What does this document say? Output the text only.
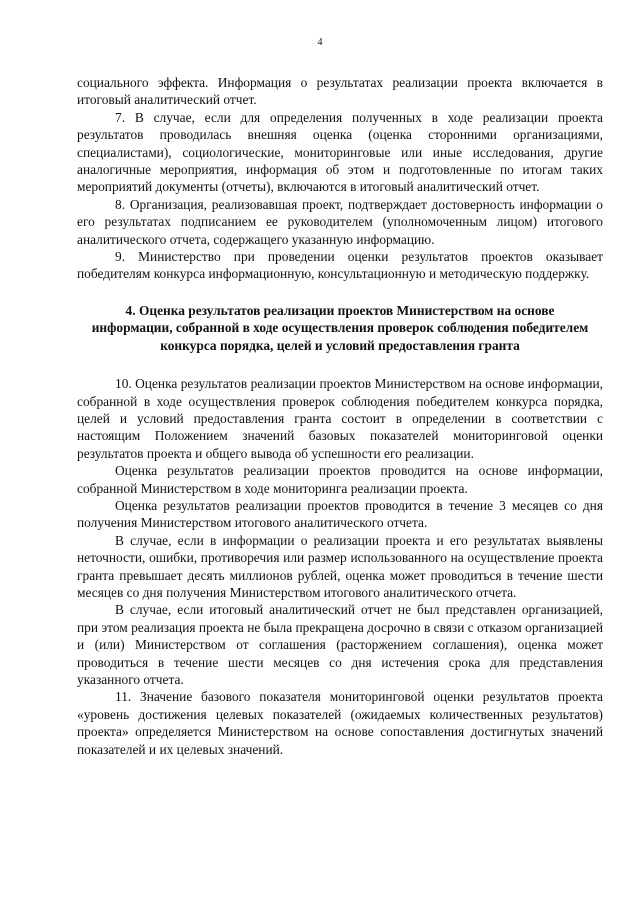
4

социального эффекта. Информация о результатах реализации проекта включается в итоговый аналитический отчет.

7. В случае, если для определения полученных в ходе реализации проекта результатов проводилась внешняя оценка (оценка сторонними организациями, специалистами), социологические, мониторинговые или иные исследования, другие аналогичные мероприятия, информация об этом и подготовленные по итогам таких мероприятий документы (отчеты), включаются в итоговый аналитический отчет.

8. Организация, реализовавшая проект, подтверждает достоверность информации о его результатах подписанием ее руководителем (уполномоченным лицом) итогового аналитического отчета, содержащего указанную информацию.

9. Министерство при проведении оценки результатов проектов оказывает победителям конкурса информационную, консультационную и методическую поддержку.

4. Оценка результатов реализации проектов Министерством на основе информации, собранной в ходе осуществления проверок соблюдения победителем конкурса порядка, целей и условий предоставления гранта

10. Оценка результатов реализации проектов Министерством на основе информации, собранной в ходе осуществления проверок соблюдения победителем конкурса порядка, целей и условий предоставления гранта состоит в определении в соответствии с настоящим Положением значений базовых показателей мониторинговой оценки результатов проекта и общего вывода об успешности его реализации.

Оценка результатов реализации проектов проводится на основе информации, собранной Министерством в ходе мониторинга реализации проекта.

Оценка результатов реализации проектов проводится в течение 3 месяцев со дня получения Министерством итогового аналитического отчета.

В случае, если в информации о реализации проекта и его результатах выявлены неточности, ошибки, противоречия или размер использованного на осуществление проекта гранта превышает десять миллионов рублей, оценка может проводиться в течение шести месяцев со дня получения Министерством итогового аналитического отчета.

В случае, если итоговый аналитический отчет не был представлен организацией, при этом реализация проекта не была прекращена досрочно в связи с отказом организацией и (или) Министерством от соглашения (расторжением соглашения), оценка может проводиться в течение шести месяцев со дня истечения срока для представления указанного отчета.

11. Значение базового показателя мониторинговой оценки результатов проекта «уровень достижения целевых показателей (ожидаемых количественных результатов) проекта» определяется Министерством на основе сопоставления достигнутых значений показателей и их целевых значений.
